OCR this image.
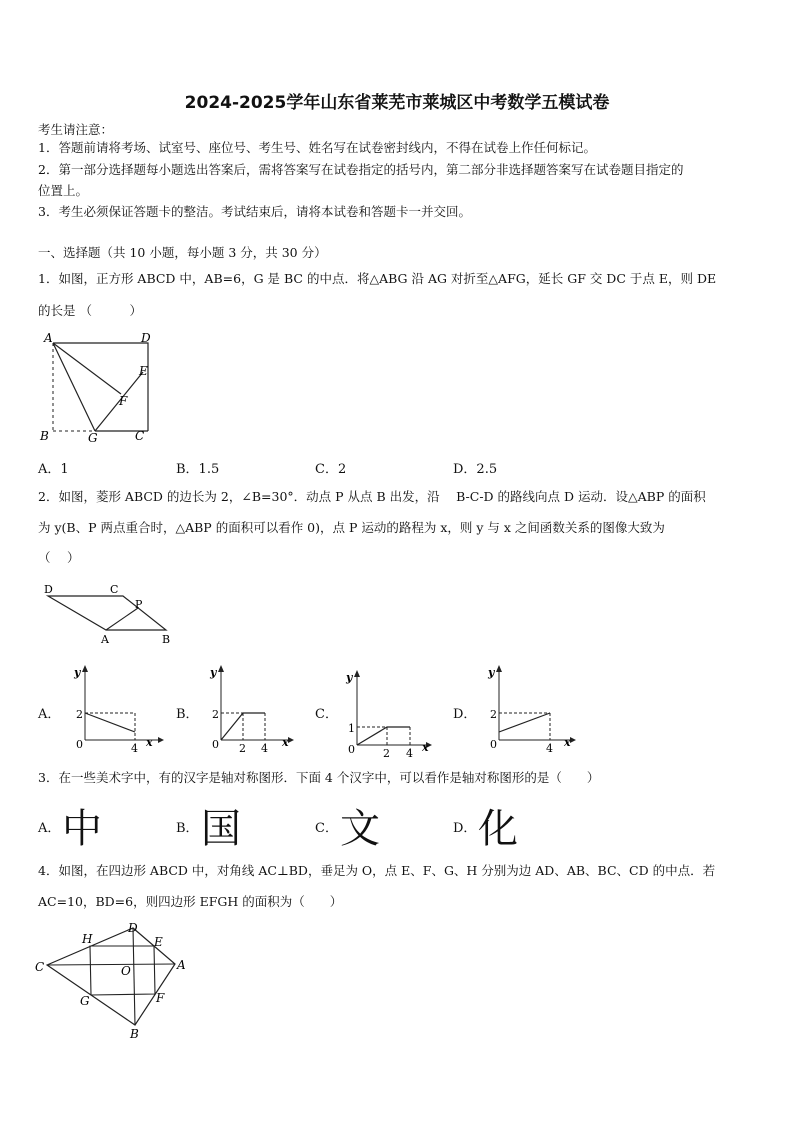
2024-2025学年山东省莱芜市莱城区中考数学五模试卷
考生请注意：
1．答题前请将考场、试室号、座位号、考生号、姓名写在试卷密封线内，不得在试卷上作任何标记。
2．第一部分选择题每小题选出答案后，需将答案写在试卷指定的括号内，第二部分非选择题答案写在试卷题目指定的
位置上。
3．考生必须保证答题卡的整洁。考试结束后，请将本试卷和答题卡一并交回。
一、选择题（共 10 小题，每小题 3 分，共 30 分）
1．如图，正方形 ABCD 中，AB=6，G 是 BC 的中点．将△ABG 沿 AG 对折至△AFG，延长 GF 交 DC 于点 E，则 DE
的长是 （　　　）
A	D
E
F
B	G	C
A．1	B．1.5	C．2	D．2.5
2．如图，菱形 ABCD 的边长为 2，∠B=30°．动点 P 从点 B 出发，沿　 B-C-D 的路线向点 D 运动．设△ABP 的面积
为 y(B、P 两点重合时，△ABP 的面积可以看作 0)，点 P 运动的路程为 x，则 y 与 x 之间函数关系的图像大致为
（　 ）
D	C
P
A	B
A．
y
2
0	4 x
B．
y
2
0 2 4 x
C．
y
1
0	2 4 x
D．
y
2
0	4 x
3．在一些美术字中，有的汉字是轴对称图形．下面 4 个汉字中，可以看作是轴对称图形的是（　　）
A． 中	B． 国	C． 文	D． 化
4．如图，在四边形 ABCD 中，对角线 AC⊥BD，垂足为 O，点 E、F、G、H 分别为边 AD、AB、BC、CD 的中点．若
AC=10，BD=6，则四边形 EFGH 的面积为（　　）
H
D
E
C	O	A
G	F
B
